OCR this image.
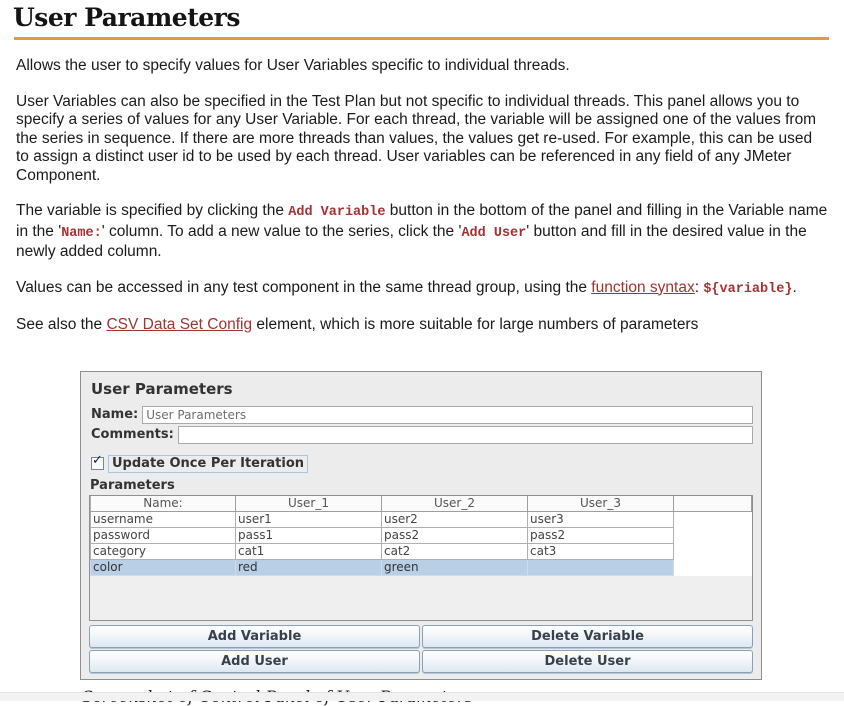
User Parameters

Allows the user to specify values for User Variables specific to individual threads.

User Variables can also be specified in the Test Plan but not specific to individual threads. This panel allows you to specify a series of values for any User Variable. For each thread, the variable will be assigned one of the values from the series in sequence. If there are more threads than values, the values get re-used. For example, this can be used to assign a distinct user id to be used by each thread. User variables can be referenced in any field of any JMeter Component.

The variable is specified by clicking the Add Variable button in the bottom of the panel and filling in the Variable name in the 'Name:' column. To add a new value to the series, click the 'Add User' button and fill in the desired value in the newly added column.

Values can be accessed in any test component in the same thread group, using the function syntax: ${variable}.

See also the CSV Data Set Config element, which is more suitable for large numbers of parameters

User Parameters
Name:
User Parameters
Comments:
✓ Update Once Per Iteration
Parameters
Name:	User_1	User_2	User_3
username	user1	user2	user3
password	pass1	pass2	pass2
category	cat1	cat2	cat3
color	red	green
Add Variable	Delete Variable
Add User	Delete User
